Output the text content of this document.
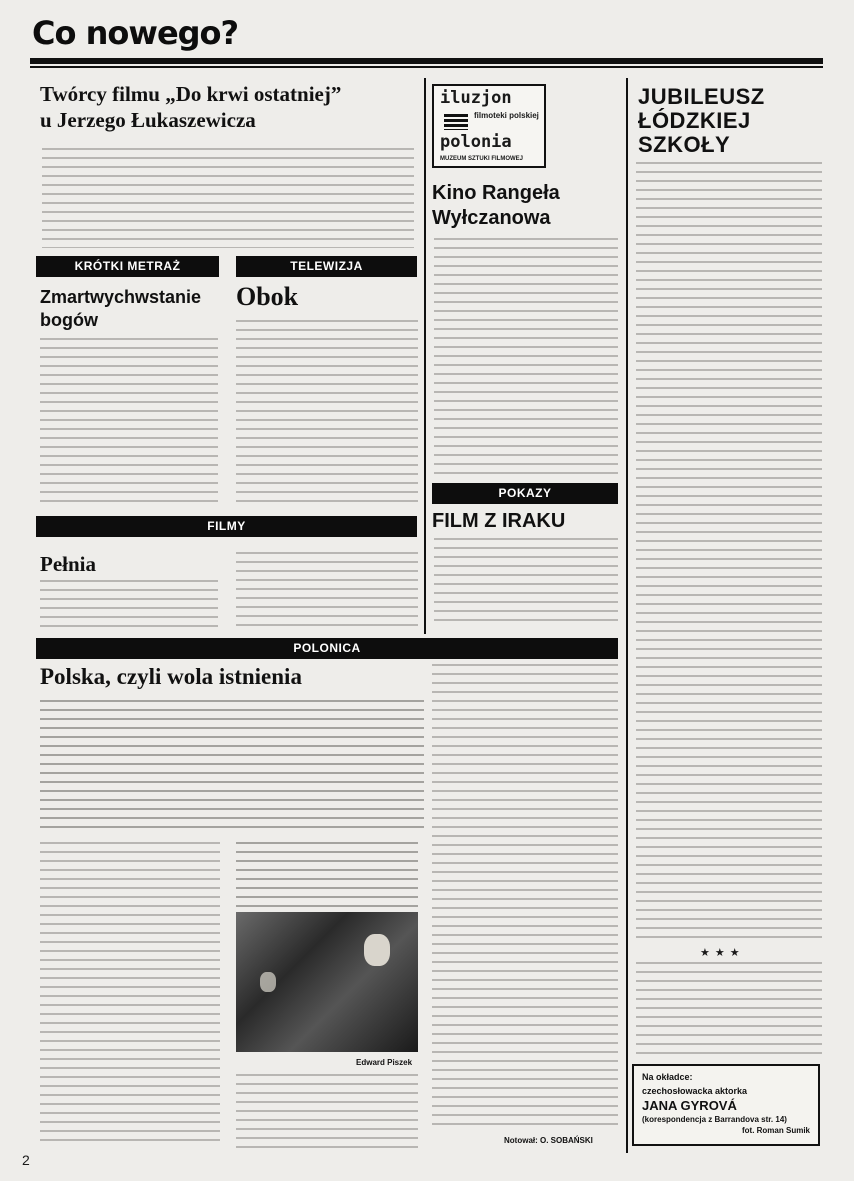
Co nowego?
Twórcy filmu „Do krwi ostatniej”
u Jerzego Łukaszewicza
KRÓTKI METRAŻ	TELEWIZJA
FILMY
POKAZY
POLONICA
Zmartwychwstanie
bogów
Obok
Pełnia
iluzjon
filmoteki polskiej
polonia
MUZEUM SZTUKI FILMOWEJ
Kino Rangeła
Wyłczanowa
FILM Z IRAKU
JUBILEUSZ
ŁÓDZKIEJ
SZKOŁY
★★★
Na okładce:
czechosłowacka aktorka
JANA GYROVÁ
(korespondencja z Barrandova str. 14)
fot. Roman Sumik
Polska, czyli wola istnienia
Edward Piszek
Notował: O. SOBAŃSKI
2
